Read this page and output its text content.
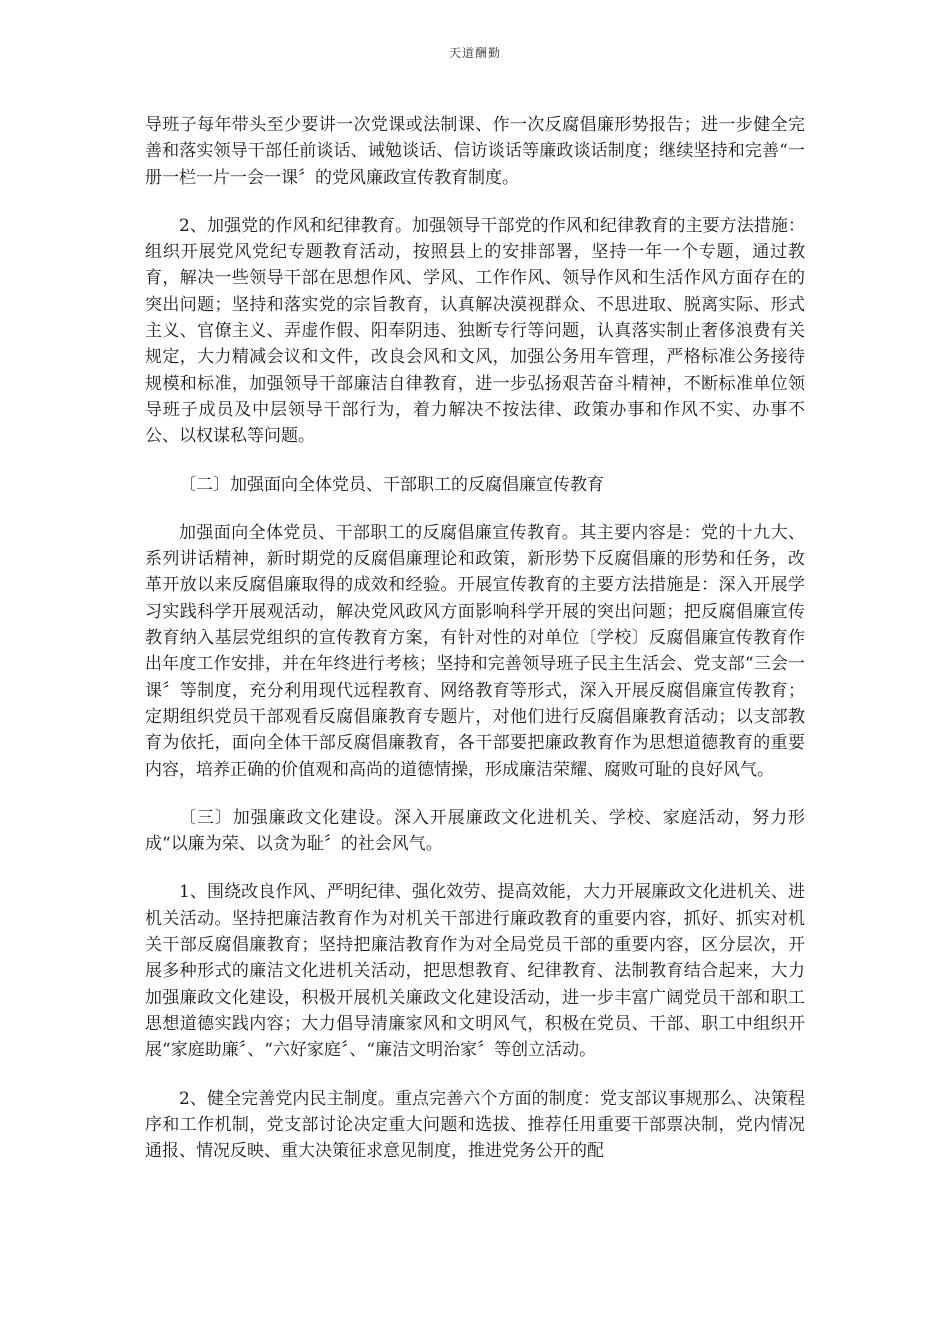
天道酬勤

导班子每年带头至少要讲一次党课或法制课、作一次反腐倡廉形势报告；进一步健全完善和落实领导干部任前谈话、诫勉谈话、信访谈话等廉政谈话制度；继续坚持和完善“一册一栏一片一会一课〞的党风廉政宣传教育制度。

2、加强党的作风和纪律教育。加强领导干部党的作风和纪律教育的主要方法措施：组织开展党风党纪专题教育活动，按照县上的安排部署，坚持一年一个专题，通过教育，解决一些领导干部在思想作风、学风、工作作风、领导作风和生活作风方面存在的突出问题；坚持和落实党的宗旨教育，认真解决漠视群众、不思进取、脱离实际、形式主义、官僚主义、弄虚作假、阳奉阴违、独断专行等问题，认真落实制止奢侈浪费有关规定，大力精减会议和文件，改良会风和文风，加强公务用车管理，严格标准公务接待规模和标准，加强领导干部廉洁自律教育，进一步弘扬艰苦奋斗精神，不断标准单位领导班子成员及中层领导干部行为，着力解决不按法律、政策办事和作风不实、办事不公、以权谋私等问题。

〔二〕加强面向全体党员、干部职工的反腐倡廉宣传教育

加强面向全体党员、干部职工的反腐倡廉宣传教育。其主要内容是：党的十九大、系列讲话精神，新时期党的反腐倡廉理论和政策，新形势下反腐倡廉的形势和任务，改革开放以来反腐倡廉取得的成效和经验。开展宣传教育的主要方法措施是：深入开展学习实践科学开展观活动，解决党风政风方面影响科学开展的突出问题；把反腐倡廉宣传教育纳入基层党组织的宣传教育方案，有针对性的对单位〔学校〕反腐倡廉宣传教育作出年度工作安排，并在年终进行考核；坚持和完善领导班子民主生活会、党支部“三会一课〞等制度，充分利用现代远程教育、网络教育等形式，深入开展反腐倡廉宣传教育；定期组织党员干部观看反腐倡廉教育专题片，对他们进行反腐倡廉教育活动；以支部教育为依托，面向全体干部反腐倡廉教育，各干部要把廉政教育作为思想道德教育的重要内容，培养正确的价值观和高尚的道德情操，形成廉洁荣耀、腐败可耻的良好风气。

〔三〕加强廉政文化建设。深入开展廉政文化进机关、学校、家庭活动，努力形成“以廉为荣、以贪为耻〞的社会风气。

1、围绕改良作风、严明纪律、强化效劳、提高效能，大力开展廉政文化进机关、进机关活动。坚持把廉洁教育作为对机关干部进行廉政教育的重要内容，抓好、抓实对机关干部反腐倡廉教育；坚持把廉洁教育作为对全局党员干部的重要内容，区分层次，开展多种形式的廉洁文化进机关活动，把思想教育、纪律教育、法制教育结合起来，大力加强廉政文化建设，积极开展机关廉政文化建设活动，进一步丰富广阔党员干部和职工思想道德实践内容；大力倡导清廉家风和文明风气，积极在党员、干部、职工中组织开展“家庭助廉〞、“六好家庭〞、“廉洁文明治家〞等创立活动。

2、健全完善党内民主制度。重点完善六个方面的制度：党支部议事规那么、决策程序和工作机制，党支部讨论决定重大问题和选拔、推荐任用重要干部票决制，党内情况通报、情况反映、重大决策征求意见制度，推进党务公开的配
